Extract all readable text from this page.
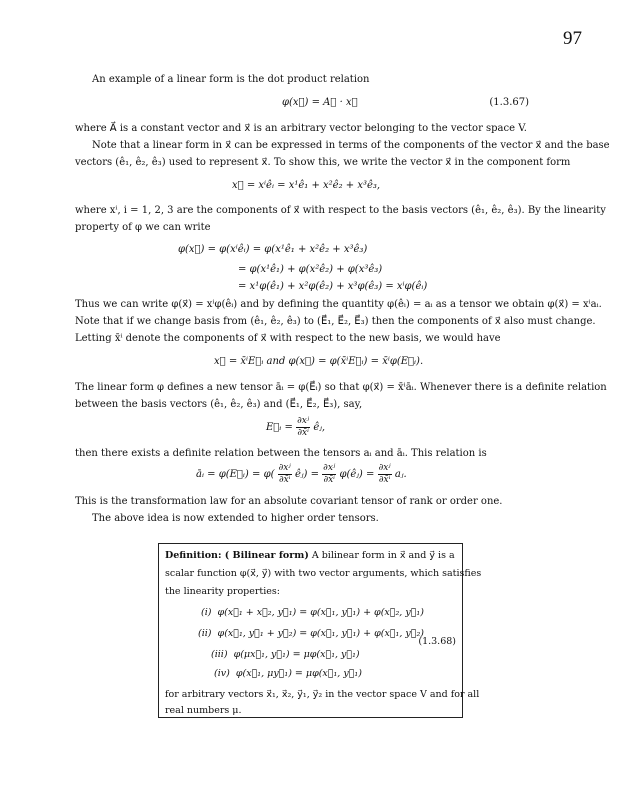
97
An example of a linear form is the dot product relation
φ(x⃗) = A⃗ · x⃗	(1.3.67)
where A⃗ is a constant vector and x⃗ is an arbitrary vector belonging to the vector space V.
Note that a linear form in x⃗ can be expressed in terms of the components of the vector x⃗ and the base
vectors (ê₁, ê₂, ê₃) used to represent x⃗. To show this, we write the vector x⃗ in the component form
x⃗ = xⁱêᵢ = x¹ê₁ + x²ê₂ + x³ê₃,
where xⁱ, i = 1, 2, 3 are the components of x⃗ with respect to the basis vectors (ê₁, ê₂, ê₃). By the linearity
property of φ we can write
φ(x⃗) = φ(xⁱêᵢ) = φ(x¹ê₁ + x²ê₂ + x³ê₃)
= φ(x¹ê₁) + φ(x²ê₂) + φ(x³ê₃)
= x¹φ(ê₁) + x²φ(ê₂) + x³φ(ê₃) = xⁱφ(êᵢ)
Thus we can write φ(x⃗) = xⁱφ(êᵢ) and by defining the quantity φ(êᵢ) = aᵢ as a tensor we obtain φ(x⃗) = xⁱaᵢ.
Note that if we change basis from (ê₁, ê₂, ê₃) to (E⃗₁, E⃗₂, E⃗₃) then the components of x⃗ also must change.
Letting x̄ⁱ denote the components of x⃗ with respect to the new basis, we would have
x⃗ = x̄ⁱE⃗ᵢ and φ(x⃗) = φ(x̄ⁱE⃗ᵢ) = x̄ⁱφ(E⃗ᵢ).
The linear form φ defines a new tensor āᵢ = φ(E⃗ᵢ) so that φ(x⃗) = x̄ⁱāᵢ. Whenever there is a definite relation
between the basis vectors (ê₁, ê₂, ê₃) and (E⃗₁, E⃗₂, E⃗₃), say,
E⃗ᵢ = $\frac{\text{∂xʲ}}{\text{∂x̄ⁱ}}$ êⱼ,
then there exists a definite relation between the tensors aᵢ and āᵢ. This relation is
āᵢ = φ(E⃗ᵢ) = $\varphi( \frac{\text{∂xʲ}}{\text{∂x̄ⁱ}}$ êⱼ) = $\frac{\text{∂xʲ}}{\text{∂x̄ⁱ}}$ φ(êⱼ) = $\frac{\text{∂xʲ}}{\text{∂x̄ⁱ}}$ aⱼ.
This is the transformation law for an absolute covariant tensor of rank or order one.
The above idea is now extended to higher order tensors.
Definition: ( Bilinear form) A bilinear form in x⃗ and y⃗ is a
scalar function φ(x⃗, y⃗) with two vector arguments, which satisfies
the linearity properties:
(i) φ(x⃗₁ + x⃗₂, y⃗₁) = φ(x⃗₁, y⃗₁) + φ(x⃗₂, y⃗₁)
(ii) φ(x⃗₁, y⃗₁ + y⃗₂) = φ(x⃗₁, y⃗₁) + φ(x⃗₁, y⃗₂)
(iii) φ(μx⃗₁, y⃗₁) = μφ(x⃗₁, y⃗₁)
(iv) φ(x⃗₁, μy⃗₁) = μφ(x⃗₁, y⃗₁)
(1.3.68)
for arbitrary vectors x⃗₁, x⃗₂, y⃗₁, y⃗₂ in the vector space V and for all
real numbers μ.
